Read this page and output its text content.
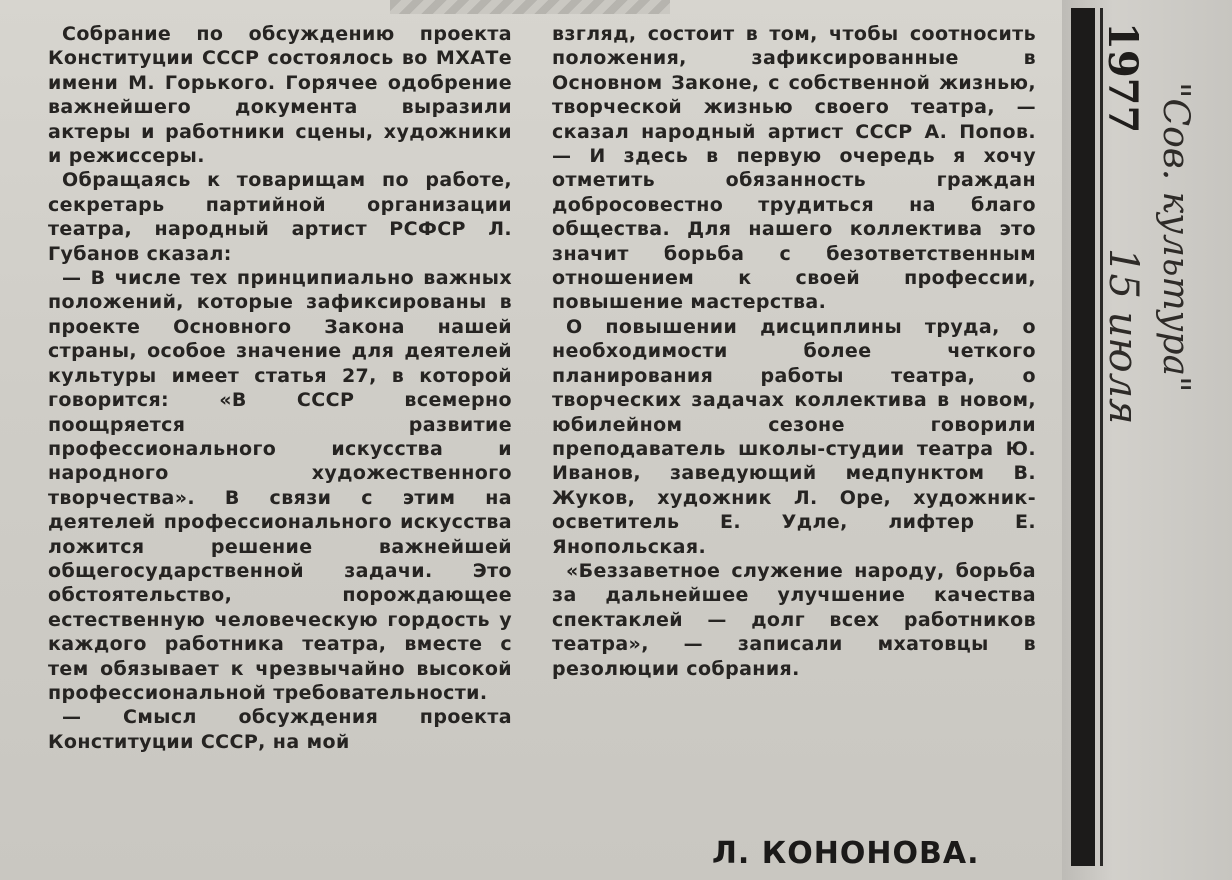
Собрание по обсуждению проекта Конституции СССР состоялось во МХАТе имени М. Горького. Горячее одобрение важнейшего документа выразили актеры и работники сцены, художники и режиссеры.

Обращаясь к товарищам по работе, секретарь партийной организации театра, народный артист РСФСР Л. Губанов сказал:

— В числе тех принципиально важных положений, которые зафиксированы в проекте Основного Закона нашей страны, особое значение для деятелей культуры имеет статья 27, в которой говорится: «В СССР всемерно поощряется развитие профессионального искусства и народного художественного творчества». В связи с этим на деятелей профессионального искусства ложится решение важнейшей общегосударственной задачи. Это обстоятельство, порождающее естественную человеческую гордость у каждого работника театра, вместе с тем обязывает к чрезвычайно высокой профессиональной требовательности.

— Смысл обсуждения проекта Конституции СССР, на мой

взгляд, состоит в том, чтобы соотносить положения, зафиксированные в Основном Законе, с собственной жизнью, творческой жизнью своего театра, — сказал народный артист СССР А. Попов. — И здесь в первую очередь я хочу отметить обязанность граждан добросовестно трудиться на благо общества. Для нашего коллектива это значит борьба с безответственным отношением к своей профессии, повышение мастерства.

О повышении дисциплины труда, о необходимости более четкого планирования работы театра, о творческих задачах коллектива в новом, юбилейном сезоне говорили преподаватель школы-студии театра Ю. Иванов, заведующий медпунктом В. Жуков, художник Л. Оре, художник-осветитель Е. Удле, лифтер Е. Янопольская.

«Беззаветное служение народу, борьба за дальнейшее улучшение качества спектаклей — долг всех работников театра», — записали мхатовцы в резолюции собрания.

Л. КОНОНОВА.
1977
"Сов. культура"
15 июля
